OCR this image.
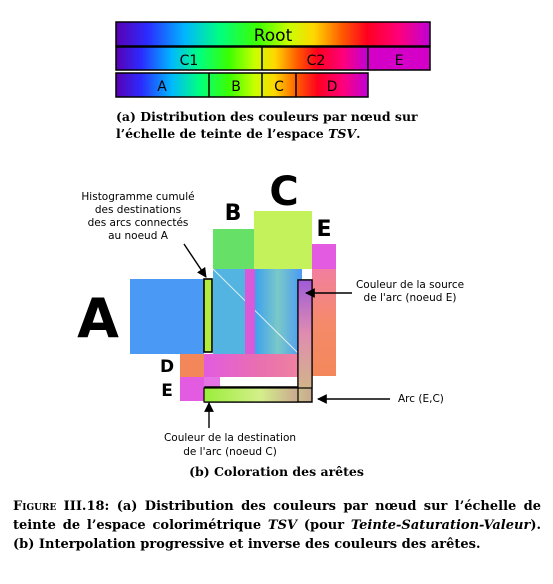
Root
C1	C2	E
A	B C	D
A
B C
E
D
E
Histogramme cumulé
des destinations
des arcs connectés
au noeud A
Couleur de la source
de l'arc (noeud E)
Arc (E,C)
Couleur de la destination
de l'arc (noeud C)
(a) Distribution des couleurs par nœud sur l’échelle de teinte de l’espace TSV.
(b) Coloration des arêtes
Figure III.18: (a) Distribution des couleurs par nœud sur l’échelle de teinte de l’espace colorimétrique TSV (pour Teinte-Saturation-Valeur). (b) Interpolation progressive et inverse des couleurs des arêtes.
